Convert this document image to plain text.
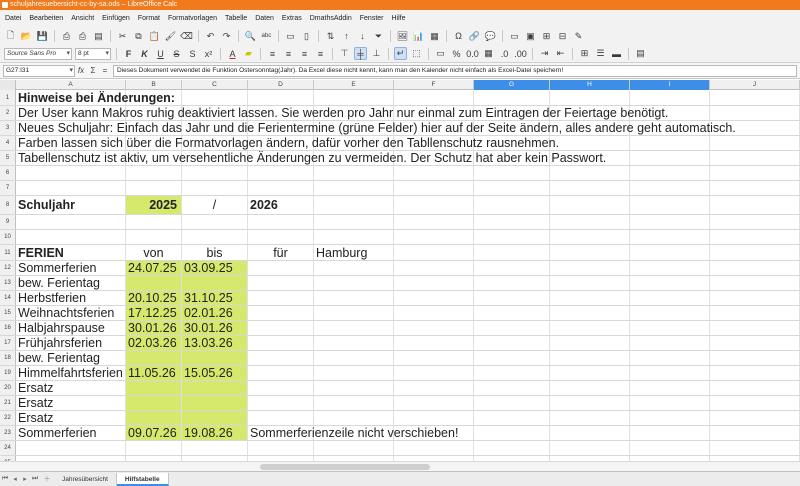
schuljahresuebersicht-cc-by-sa.ods – LibreOffice Calc
Datei Bearbeiten Ansicht Einfügen Format Formatvorlagen Tabelle Daten Extras DmathsAddin Fenster Hilfe
🗋 📂 💾	⎙ ⎙ ▤	✂	⧉ 📋 🖌 ⌫	↶ ↷	🔍 ᵃᵇᶜ ▭	▯	⇅	↑	↓	⏷	🖼 📊 ▦	Ω 🔗 💬 ▭ ▣ ⊞ ⊟ ✎
Source Sans Pro ▾	8 pt ▾	F	K	U	S	S	x²	A	▰	≡	≡	≡	≡	⊤ ╪ ⊥	↵ ⬚ ▭ % 0.0 ▦ .0 .00	⇥ ⇤	⊞ ☰ ▬ ▤
G27:I31 ▾	fx Σ =	Dieses Dokument verwendet die Funktion Ostersonntag(Jahr). Da Excel diese nicht kennt, kann man den Kalender nicht einfach als Excel-Datei speichern!
A	B	C	D	E	F	G	H	I	J
1 Hinweise bei Änderungen:
2 Der User kann Makros ruhig deaktiviert lassen. Sie werden pro Jahr nur einmal zum Eintragen der Feiertage benötigt.
3 Neues Schuljahr: Einfach das Jahr und die Ferientermine (grüne Felder) hier auf der Seite ändern, alles andere geht automatisch.
4 Farben lassen sich über die Formatvorlagen ändern, dafür vorher den Tabllenschutz rausnehmen.
5 Tabellenschutz ist aktiv, um versehentliche Änderungen zu vermeiden. Der Schutz hat aber kein Passwort.
6
7
8 Schuljahr	2025	/	2026
9
10
11 FERIEN	von	bis	für	Hamburg
12 Sommerferien	24.07.25 03.09.25
13 bew. Ferientag
14 Herbstferien	20.10.25 31.10.25
15 Weihnachtsferien	17.12.25 02.01.26
16 Halbjahrspause	30.01.26 30.01.26
17 Frühjahrsferien	02.03.26 13.03.26
18 bew. Ferientag
19 Himmelfahrtsferien 11.05.26 15.05.26
20 Ersatz
21 Ersatz
22 Ersatz
23 Sommerferien	09.07.26 19.08.26	Sommerferienzeile nicht verschieben!
24
⏮ ◂ ▸ ⏭ ＋	Jahresübersicht	Hilfstabelle
